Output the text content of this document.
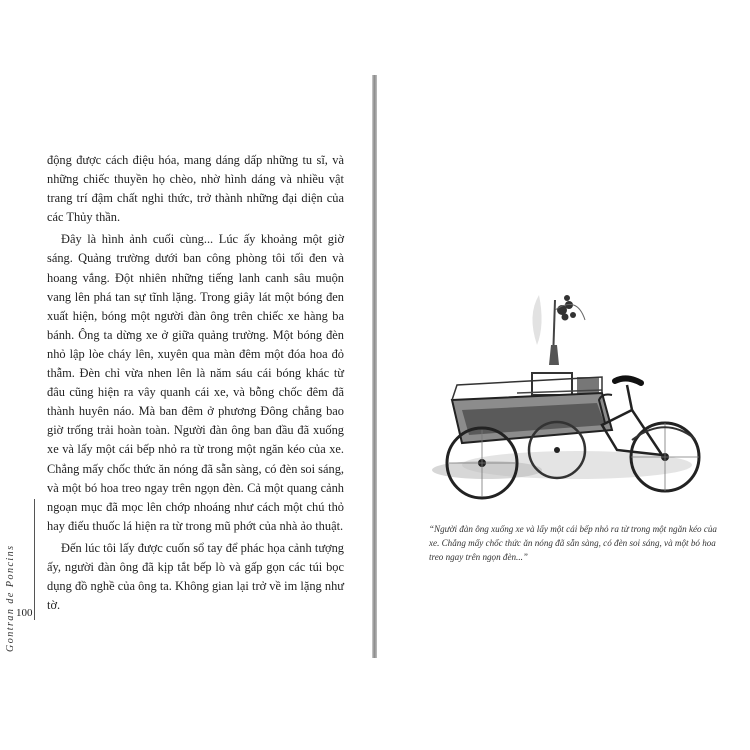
động được cách điệu hóa, mang dáng dấp những tu sĩ, và những chiếc thuyền họ chèo, nhờ hình dáng và nhiều vật trang trí đậm chất nghi thức, trở thành những đại diện của các Thủy thần.

Đây là hình ảnh cuối cùng... Lúc ấy khoảng một giờ sáng. Quảng trường dưới ban công phòng tôi tối đen và hoang vắng. Đột nhiên những tiếng lanh canh sâu muộn vang lên phá tan sự tĩnh lặng. Trong giây lát một bóng đen xuất hiện, bóng một người đàn ông trên chiếc xe hàng ba bánh. Ông ta dừng xe ở giữa quảng trường. Một bóng đèn nhỏ lập lòe cháy lên, xuyên qua màn đêm một đóa hoa đỏ thẫm. Đèn chỉ vừa nhen lên là năm sáu cái bóng khác từ đâu cũng hiện ra vây quanh cái xe, và bỗng chốc đêm đã thành huyên náo. Mà ban đêm ở phương Đông chẳng bao giờ trống trải hoàn toàn. Người đàn ông ban đầu đã xuống xe và lấy một cái bếp nhỏ ra từ trong một ngăn kéo của xe. Chẳng mấy chốc thức ăn nóng đã sẵn sàng, có đèn soi sáng, và một bó hoa treo ngay trên ngọn đèn. Cả một quang cảnh ngoạn mục đã mọc lên chớp nhoáng như cách một chú thỏ hay điếu thuốc lá hiện ra từ trong mũ phớt của nhà ảo thuật.

Đến lúc tôi lấy được cuốn sổ tay để phác họa cảnh tượng ấy, người đàn ông đã kịp tắt bếp lò và gấp gọn các túi bọc dụng đồ nghề của ông ta. Không gian lại trở về im lặng như tờ.

Gontran de Poncins 100
“Người đàn ông xuống xe và lấy một cái bếp nhỏ ra từ trong một ngăn kéo của xe. Chẳng mấy chốc thức ăn nóng đã sẵn sàng, có đèn soi sáng, và một bó hoa treo ngay trên ngọn đèn...”
